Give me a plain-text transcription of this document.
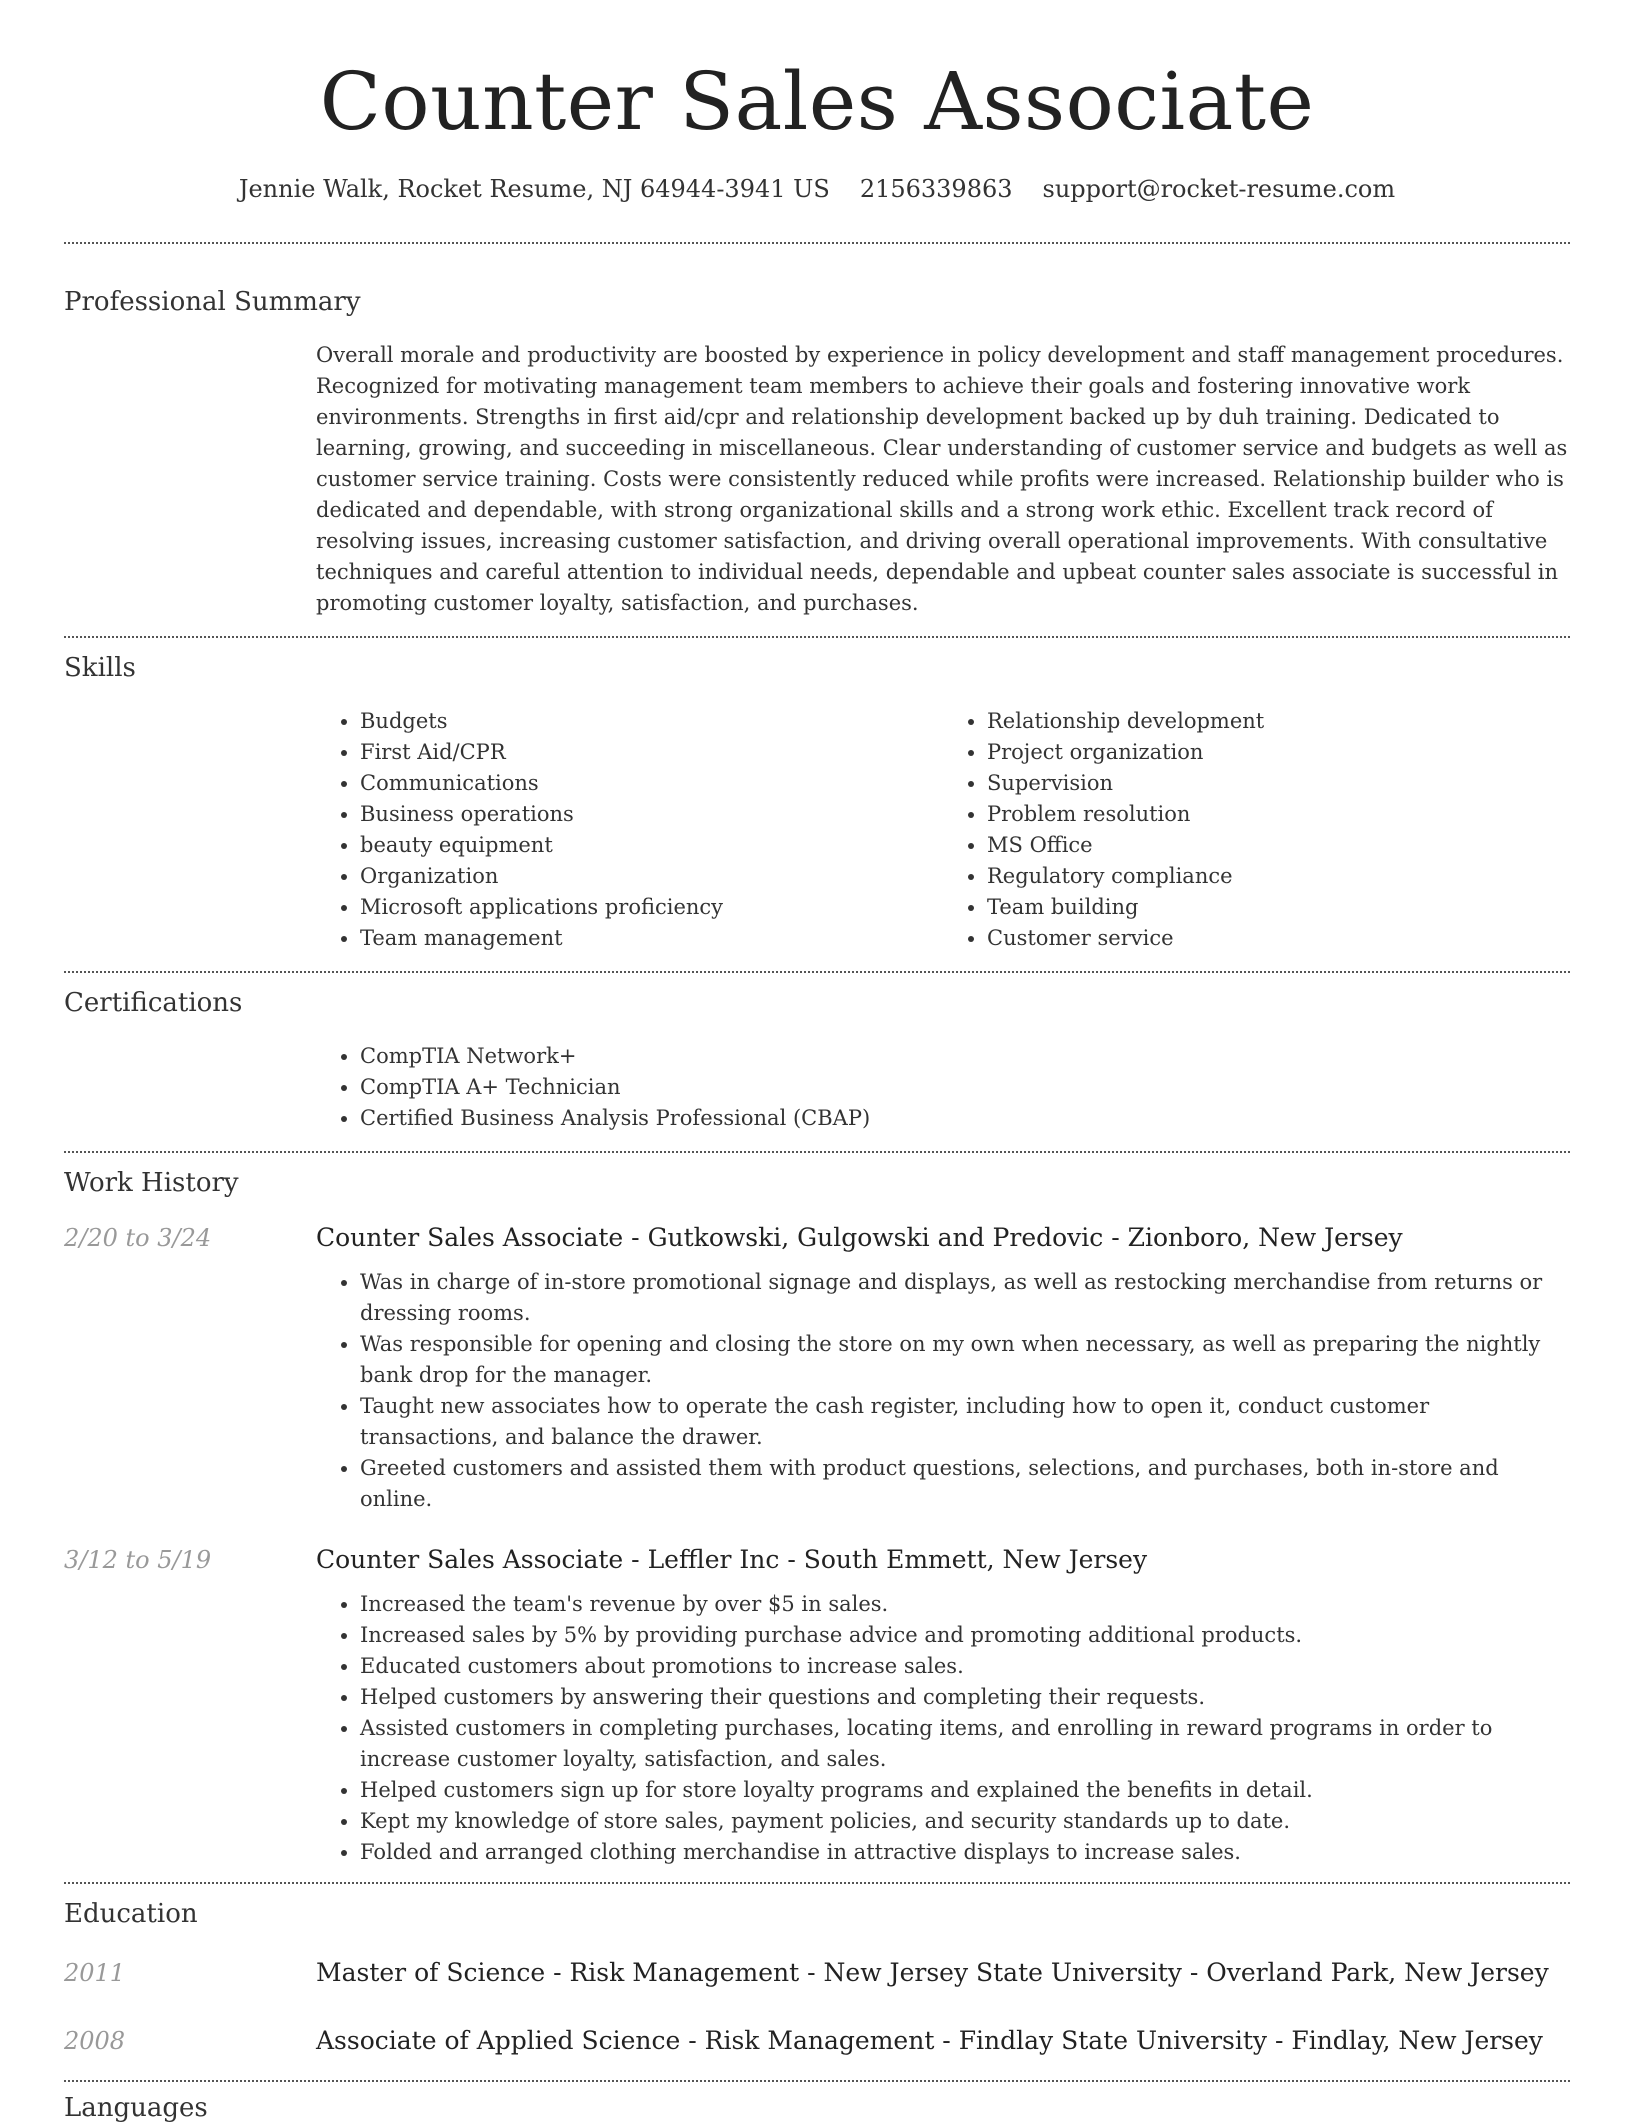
Counter Sales Associate
Jennie Walk, Rocket Resume, NJ 64944-3941 US 2156339863 support@rocket-resume.com
Professional Summary
Overall morale and productivity are boosted by experience in policy development and staff management procedures. Recognized for motivating management team members to achieve their goals and fostering innovative work environments. Strengths in first aid/cpr and relationship development backed up by duh training. Dedicated to learning, growing, and succeeding in miscellaneous. Clear understanding of customer service and budgets as well as customer service training. Costs were consistently reduced while profits were increased. Relationship builder who is dedicated and dependable, with strong organizational skills and a strong work ethic. Excellent track record of resolving issues, increasing customer satisfaction, and driving overall operational improvements. With consultative techniques and careful attention to individual needs, dependable and upbeat counter sales associate is successful in promoting customer loyalty, satisfaction, and purchases.
Skills
• Budgets
• First Aid/CPR
• Communications
• Business operations
• beauty equipment
• Organization
• Microsoft applications proficiency
• Team management
• Relationship development
• Project organization
• Supervision
• Problem resolution
• MS Office
• Regulatory compliance
• Team building
• Customer service
Certifications
• CompTIA Network+
• CompTIA A+ Technician
• Certified Business Analysis Professional (CBAP)
Work History
2/20 to 3/24	Counter Sales Associate - Gutkowski, Gulgowski and Predovic - Zionboro, New Jersey
• Was in charge of in-store promotional signage and displays, as well as restocking merchandise from returns or dressing rooms.
• Was responsible for opening and closing the store on my own when necessary, as well as preparing the nightly bank drop for the manager.
• Taught new associates how to operate the cash register, including how to open it, conduct customer transactions, and balance the drawer.
• Greeted customers and assisted them with product questions, selections, and purchases, both in-store and online.
3/12 to 5/19	Counter Sales Associate - Leffler Inc - South Emmett, New Jersey
• Increased the team's revenue by over $5 in sales.
• Increased sales by 5% by providing purchase advice and promoting additional products.
• Educated customers about promotions to increase sales.
• Helped customers by answering their questions and completing their requests.
• Assisted customers in completing purchases, locating items, and enrolling in reward programs in order to increase customer loyalty, satisfaction, and sales.
• Helped customers sign up for store loyalty programs and explained the benefits in detail.
• Kept my knowledge of store sales, payment policies, and security standards up to date.
• Folded and arranged clothing merchandise in attractive displays to increase sales.
Education
2011	Master of Science - Risk Management - New Jersey State University - Overland Park, New Jersey
2008	Associate of Applied Science - Risk Management - Findlay State University - Findlay, New Jersey
Languages
